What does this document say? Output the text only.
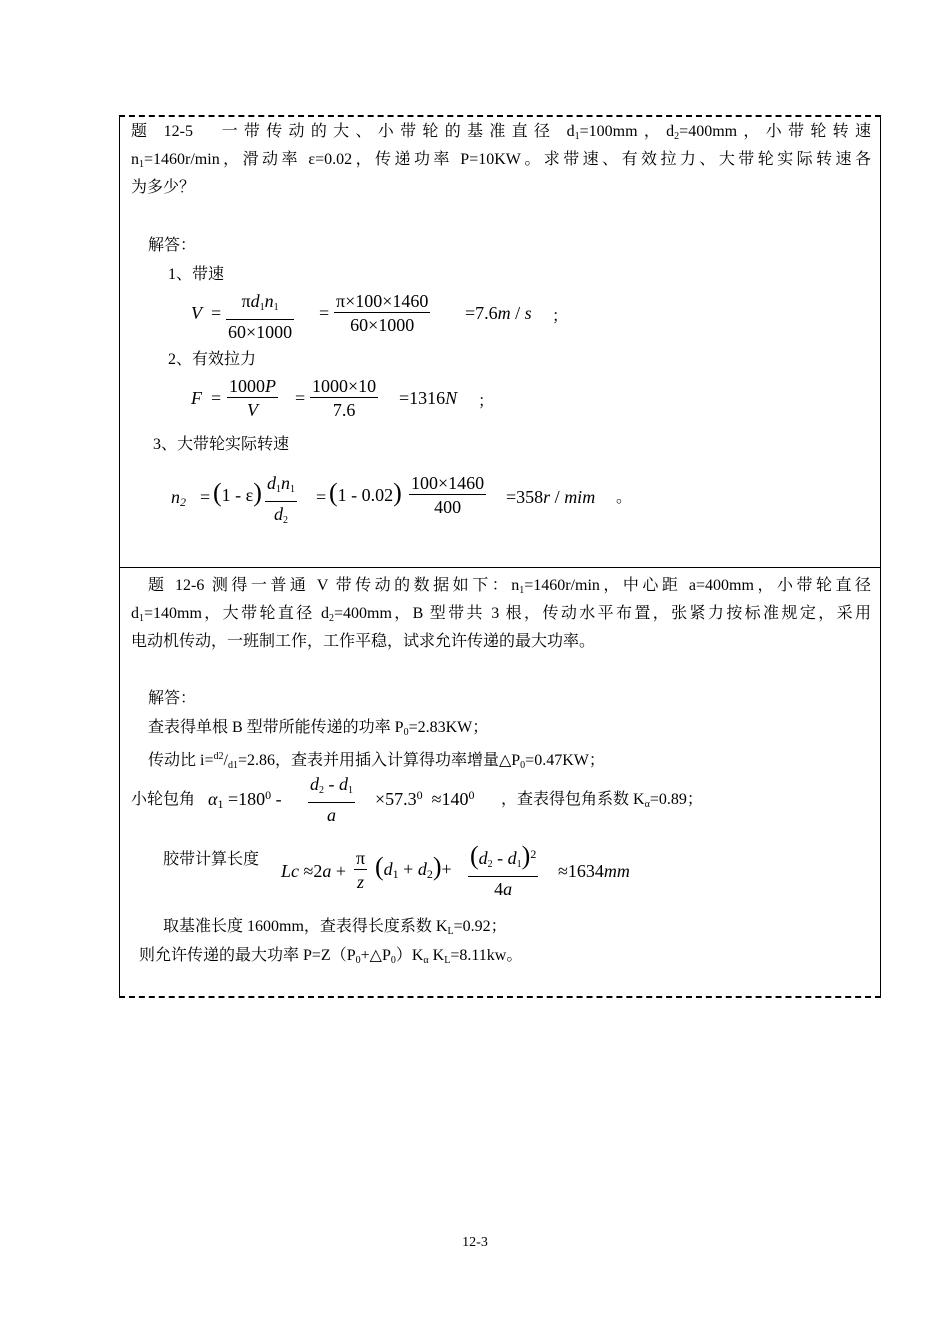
题 12-5　一带传动的大、小带轮的基准直径 $d_1=100mm$，$d_2=400mm$，小带轮转速
$n_1=1460r/\min$，滑动率 ε=0.02，传递功率 P=10KW。求带速、有效拉力、大带轮实际转速各
为多少？
解答：
1、带速
$V = \frac{\pi d_1n_1}{60\times 1000} = \frac{\pi\times 100\times 1460}{60\times 1000} =7.6m / s$ ；
2、有效拉力
$F = \frac{1000P}{V} = \frac{1000\times 10}{7.6} =1316N$ ；
3、大带轮实际转速
$n_2 = (1 - \varepsilon) \frac{d_1n_1}{d_2} = (1 - 0.02) \frac{100\times 1460}{400} =358r$ / mim 。
题 12-6 测得一普通 V 带传动的数据如下：$n_1=1460r/\min$，中心距 a=400mm，小带轮直径
$d_1=140mm$，大带轮直径 $d_2=400mm$，B 型带共 3 根，传动水平布置，张紧力按标准规定，采用
电动机传动，一班制工作，工作平稳，试求允许传递的最大功率。
解答：
查表得单根 B 型带所能传递的功率 $P_0=2.83KW$；
传动比 $i=^{d2}/_{d1}=2.86$，查表并用插入计算得功率增量$\triangle P_0=0.47KW$；
小轮包角 $\alpha_1 =180^0 - \frac{d_2 - d_1}{a} \times 57.3^0 \approx 140^0$ ，查表得包角系数 $K_\alpha=0.89$；
胶带计算长度
$Lc \approx 2a + \frac{\pi}{z} (d_1 + d_2)+ \frac{(d_2 - d_1)^2}{4a} \approx 1634mm$
取基准长度 1600mm，查表得长度系数 $K_L=0.92$；
则允许传递的最大功率 $P=Z(P_0+\triangle P_0)K_\alpha$ $K_L=8.11kw$。
12-3
